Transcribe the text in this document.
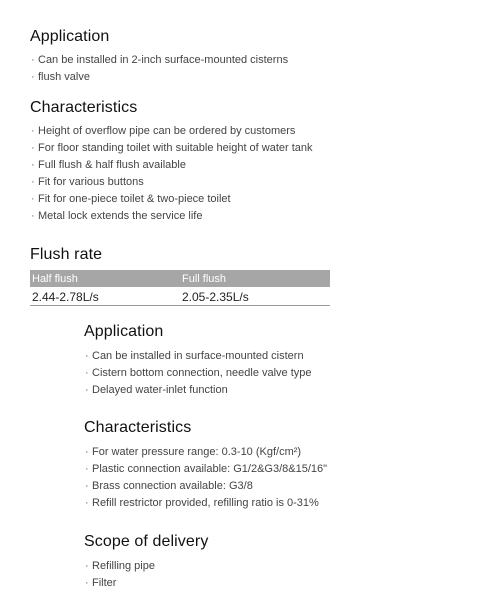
Application
· Can be installed in 2-inch surface-mounted cisterns
· flush valve
Characteristics
· Height of overflow pipe can be ordered by customers
· For floor standing toilet with suitable height of water tank
· Full flush & half flush available
· Fit for various buttons
· Fit for one-piece toilet & two-piece toilet
· Metal lock extends the service life
Flush rate
Half flush	Full flush
2.44-2.78L/s	2.05-2.35L/s
Application
· Can be installed in surface-mounted cistern
· Cistern bottom connection, needle valve type
· Delayed water-inlet function
Characteristics
· For water pressure range: 0.3-10 (Kgf/cm²)
· Plastic connection available: G1/2&G3/8&15/16"
· Brass connection available: G3/8
· Refill restrictor provided, refilling ratio is 0-31%
Scope of delivery
· Refilling pipe
· Filter
